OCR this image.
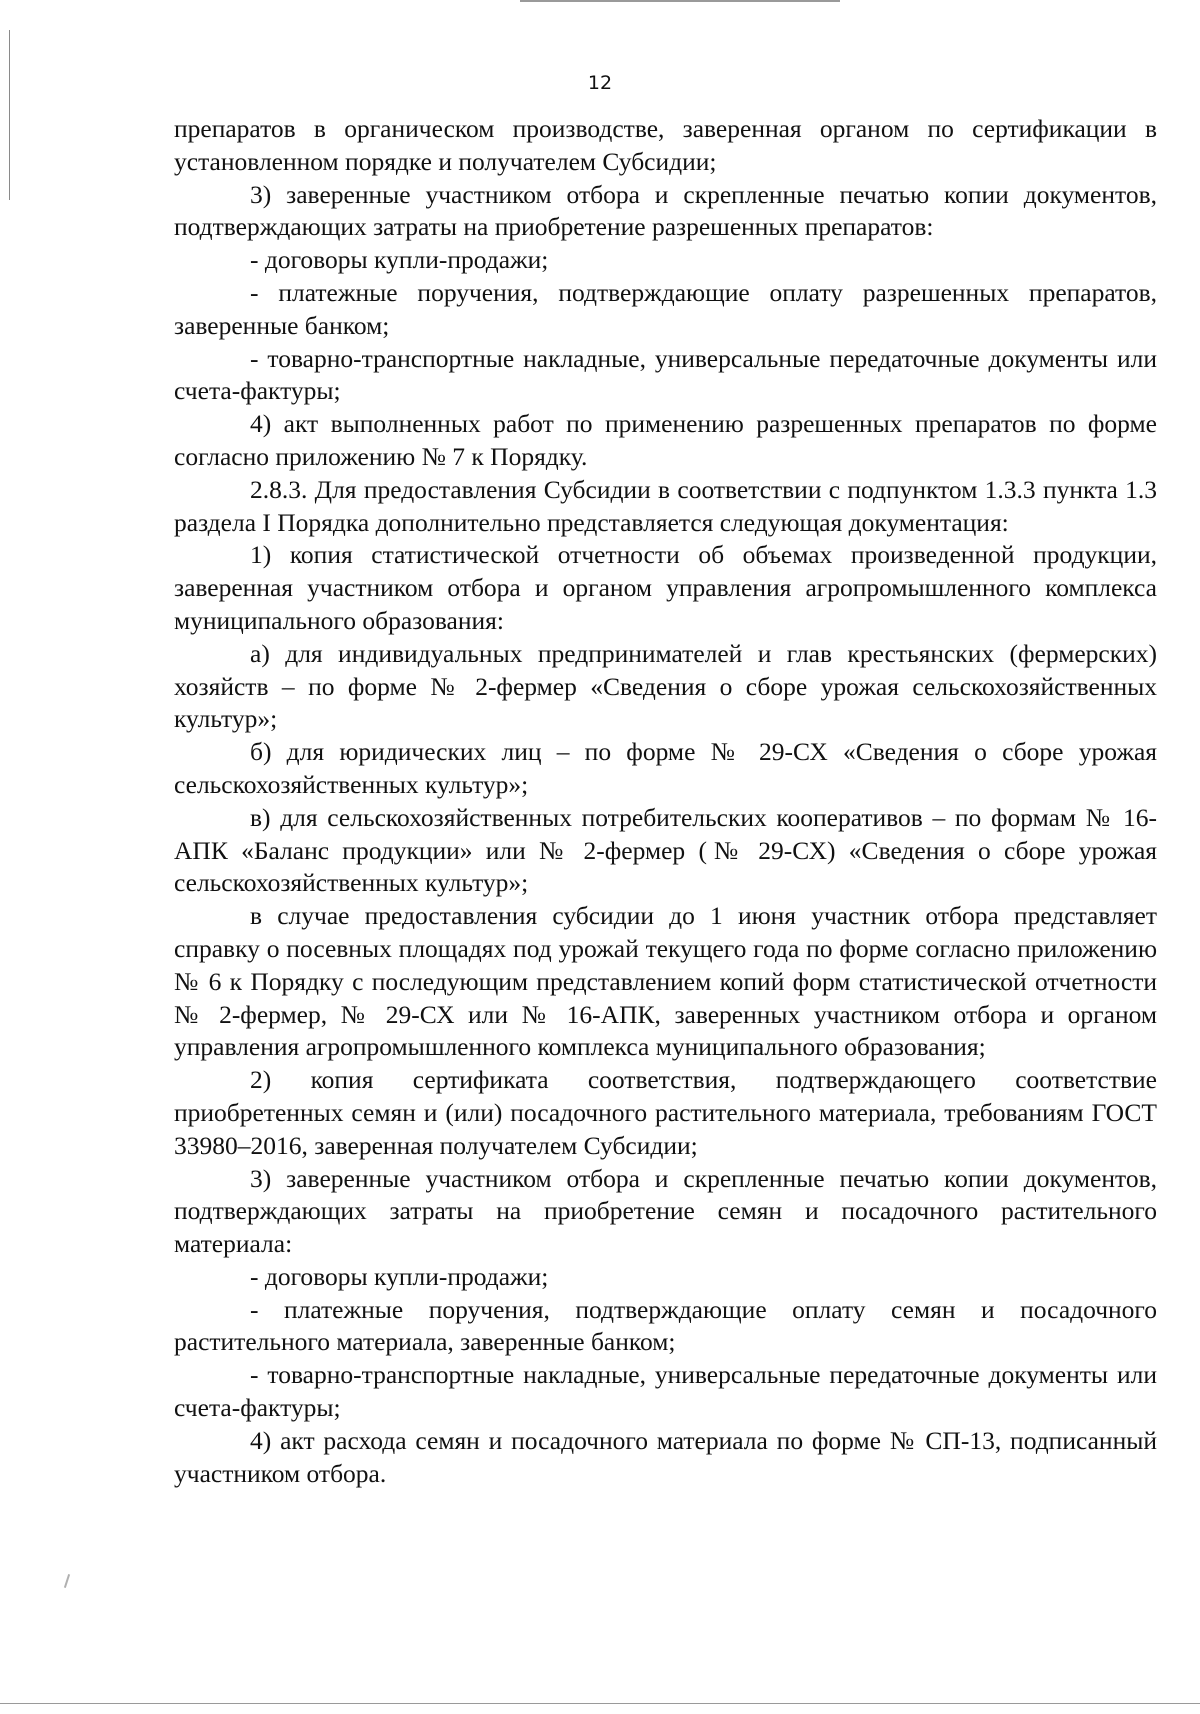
12

препаратов в органическом производстве, заверенная органом по сертификации в установленном порядке и получателем Субсидии;

3) заверенные участником отбора и скрепленные печатью копии документов, подтверждающих затраты на приобретение разрешенных препаратов:

- договоры купли-продажи;

- платежные поручения, подтверждающие оплату разрешенных препаратов, заверенные банком;

- товарно-транспортные накладные, универсальные передаточные документы или счета-фактуры;

4) акт выполненных работ по применению разрешенных препаратов по форме согласно приложению № 7 к Порядку.

2.8.3. Для предоставления Субсидии в соответствии с подпунктом 1.3.3 пункта 1.3 раздела I Порядка дополнительно представляется следующая документация:

1) копия статистической отчетности об объемах произведенной продукции, заверенная участником отбора и органом управления агропромышленного комплекса муниципального образования:

а) для индивидуальных предпринимателей и глав крестьянских (фермерских) хозяйств – по форме № 2-фермер «Сведения о сборе урожая сельскохозяйственных культур»;

б) для юридических лиц – по форме № 29-СХ «Сведения о сборе урожая сельскохозяйственных культур»;

в) для сельскохозяйственных потребительских кооперативов – по формам № 16-АПК «Баланс продукции» или № 2-фермер (№ 29-СХ) «Сведения о сборе урожая сельскохозяйственных культур»;

в случае предоставления субсидии до 1 июня участник отбора представляет справку о посевных площадях под урожай текущего года по форме согласно приложению № 6 к Порядку с последующим представлением копий форм статистической отчетности № 2-фермер, № 29-СХ или № 16-АПК, заверенных участником отбора и органом управления агропромышленного комплекса муниципального образования;

2) копия сертификата соответствия, подтверждающего соответствие приобретенных семян и (или) посадочного растительного материала, требованиям ГОСТ 33980–2016, заверенная получателем Субсидии;

3) заверенные участником отбора и скрепленные печатью копии документов, подтверждающих затраты на приобретение семян и посадочного растительного материала:

- договоры купли-продажи;

- платежные поручения, подтверждающие оплату семян и посадочного растительного материала, заверенные банком;

- товарно-транспортные накладные, универсальные передаточные документы или счета-фактуры;

4) акт расхода семян и посадочного материала по форме № СП-13, подписанный участником отбора.
